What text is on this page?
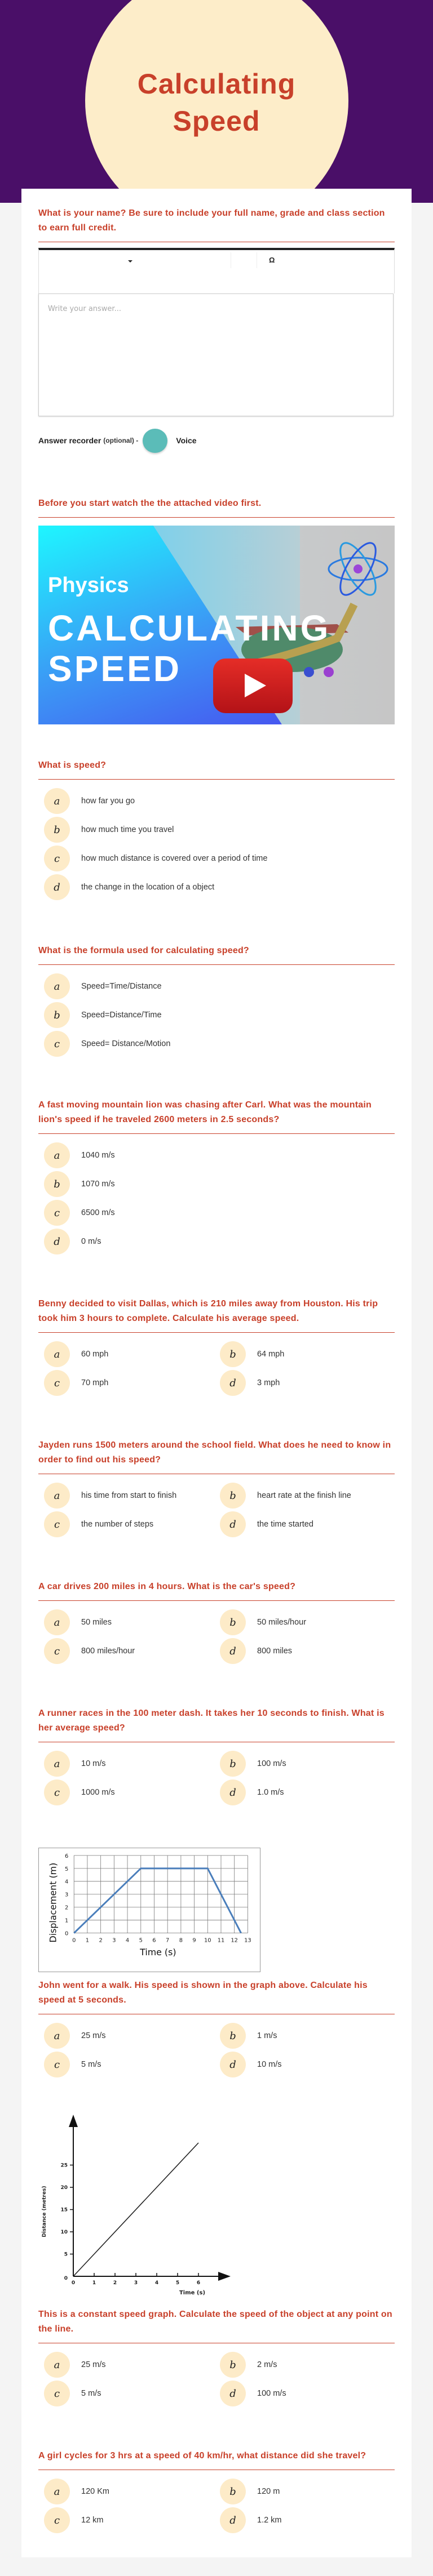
Calculating
Speed
What is your name? Be sure to include your full name, grade and class section to earn full credit.
Ω
Write your answer...
Answer recorder (optional) -	Voice
Before you start watch the the attached video first.
Physics
CALCULATING
SPEED
What is speed?
a	how far you go
b	how much time you travel
c	how much distance is covered over a period of time
d	the change in the location of a object
What is the formula used for calculating speed?
a	Speed=Time/Distance
b	Speed=Distance/Time
c	Speed= Distance/Motion
A fast moving mountain lion was chasing after Carl. What was the mountain lion's speed if he traveled 2600 meters in 2.5 seconds?
a	1040 m/s
b	1070 m/s
c	6500 m/s
d	0 m/s
Benny decided to visit Dallas, which is 210 miles away from Houston. His trip took him 3 hours to complete. Calculate his average speed.
a	60 mph	b	64 mph
c	70 mph	d	3 mph
Jayden runs 1500 meters around the school field. What does he need to know in order to find out his speed?
a	his time from start to finish	b	heart rate at the finish line
c	the number of steps	d	the time started
A car drives 200 miles in 4 hours. What is the car's speed?
a	50 miles	b	50 miles/hour
c	800 miles/hour	d	800 miles
A runner races in the 100 meter dash. It takes her 10 seconds to finish. What is her average speed?
a	10 m/s	b	100 m/s
c	1000 m/s	d	1.0 m/s
John went for a walk. His speed is shown in the graph above. Calculate his speed at 5 seconds.
a	25 m/s	b	1 m/s
c	5 m/s	d	10 m/s
This is a constant speed graph. Calculate the speed of the object at any point on the line.
a	25 m/s	b	2 m/s
c	5 m/s	d	100 m/s
A girl cycles for 3 hrs at a speed of 40 km/hr, what distance did she travel?
a	120 Km	b	120 m
c	12 km	d	1.2 km
0 1 2 3 4 5 6 7 8 9 10 11 12 13
0
1
2
3
4
5
6
Time (s)
Displacement (m)
0	1	2	3	4	5	6
0
5
10
15
20
25
Time (s)
Distance (metres)
